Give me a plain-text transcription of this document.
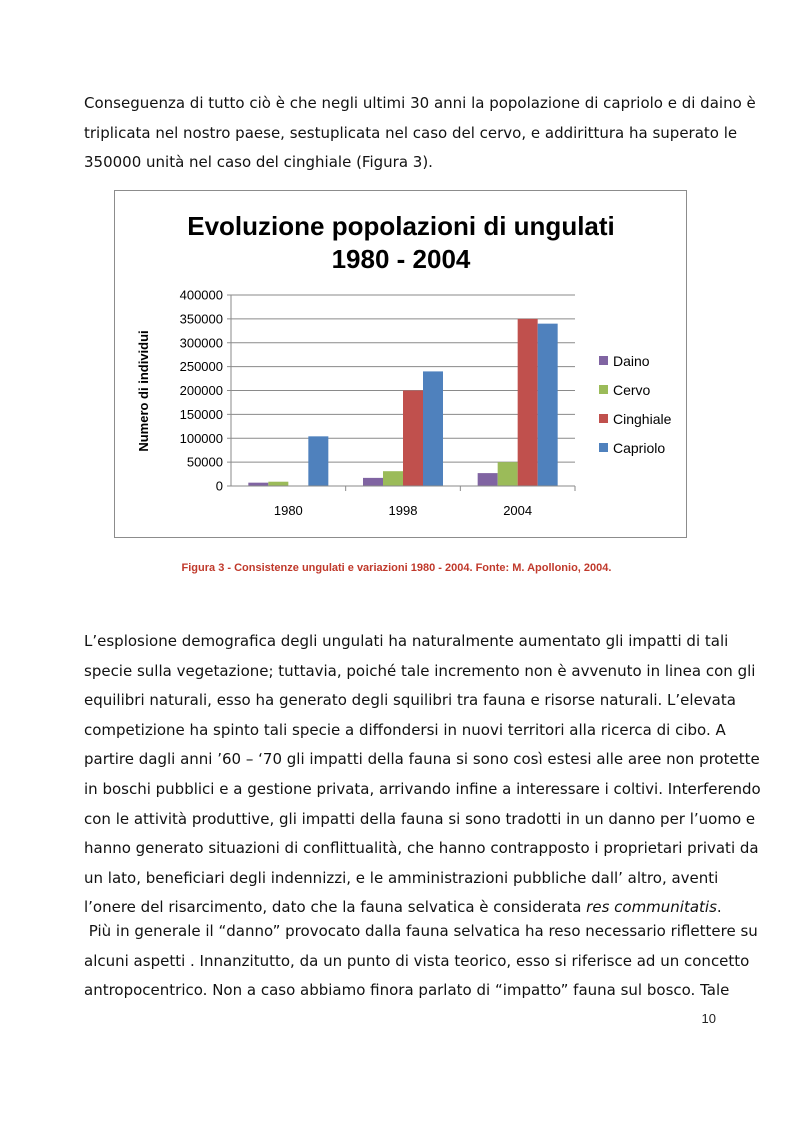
Conseguenza di tutto ciò è che negli ultimi 30 anni la popolazione di capriolo e di daino è
triplicata nel nostro paese, sestuplicata nel caso del cervo, e addirittura ha superato le
350000 unità nel caso del cinghiale (Figura 3).
Evoluzione popolazioni di ungulati
1980 - 2004
Numero di individui
0
50000
100000
150000
200000
250000
300000
350000
400000
1980	1998	2004
Daino
Cervo
Cinghiale
Capriolo
Figura 3 - Consistenze ungulati e variazioni 1980 - 2004. Fonte: M. Apollonio, 2004.
L’esplosione demografica degli ungulati ha naturalmente aumentato gli impatti di tali
specie sulla vegetazione; tuttavia, poiché tale incremento non è avvenuto in linea con gli
equilibri naturali, esso ha generato degli squilibri tra fauna e risorse naturali. L’elevata
competizione ha spinto tali specie a diffondersi in nuovi territori alla ricerca di cibo. A
partire dagli anni ’60 – ‘70 gli impatti della fauna si sono così estesi alle aree non protette
in boschi pubblici e a gestione privata, arrivando infine a interessare i coltivi. Interferendo
con le attività produttive, gli impatti della fauna si sono tradotti in un danno per l’uomo e
hanno generato situazioni di conflittualità, che hanno contrapposto i proprietari privati da
un lato, beneficiari degli indennizzi, e le amministrazioni pubbliche dall’ altro, aventi
l’onere del risarcimento, dato che la fauna selvatica è considerata res communitatis.
Più in generale il “danno” provocato dalla fauna selvatica ha reso necessario riflettere su
alcuni aspetti . Innanzitutto, da un punto di vista teorico, esso si riferisce ad un concetto
antropocentrico. Non a caso abbiamo finora parlato di “impatto” fauna sul bosco. Tale
10
